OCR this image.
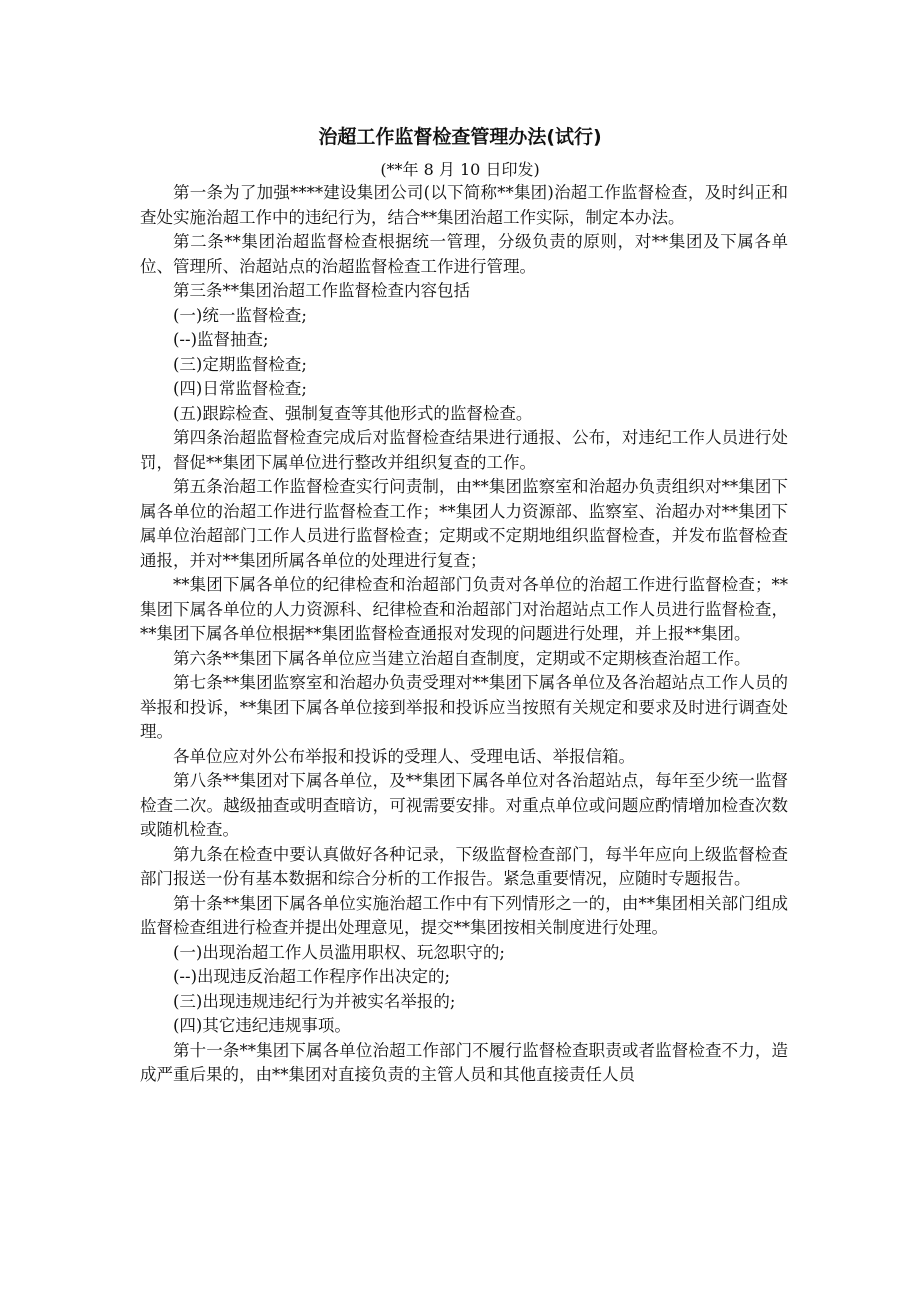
治超工作监督检查管理办法(试行)

(**年 8 月 10 日印发)

第一条为了加强****建设集团公司(以下简称**集团)治超工作监督检查，及时纠正和查处实施治超工作中的违纪行为，结合**集团治超工作实际，制定本办法。

第二条**集团治超监督检查根据统一管理，分级负责的原则，对**集团及下属各单位、管理所、治超站点的治超监督检查工作进行管理。

第三条**集团治超工作监督检查内容包括

(一)统一监督检查;

(--)监督抽查;

(三)定期监督检查;

(四)日常监督检查;

(五)跟踪检查、强制复查等其他形式的监督检查。

第四条治超监督检查完成后对监督检查结果进行通报、公布，对违纪工作人员进行处罚，督促**集团下属单位进行整改并组织复查的工作。

第五条治超工作监督检查实行问责制，由**集团监察室和治超办负责组织对**集团下属各单位的治超工作进行监督检查工作；**集团人力资源部、监察室、治超办对**集团下属单位治超部门工作人员进行监督检查；定期或不定期地组织监督检查，并发布监督检查通报，并对**集团所属各单位的处理进行复查；

**集团下属各单位的纪律检查和治超部门负责对各单位的治超工作进行监督检查；**集团下属各单位的人力资源科、纪律检查和治超部门对治超站点工作人员进行监督检查，**集团下属各单位根据**集团监督检查通报对发现的问题进行处理，并上报**集团。

第六条**集团下属各单位应当建立治超自查制度，定期或不定期核查治超工作。

第七条**集团监察室和治超办负责受理对**集团下属各单位及各治超站点工作人员的举报和投诉，**集团下属各单位接到举报和投诉应当按照有关规定和要求及时进行调查处理。

各单位应对外公布举报和投诉的受理人、受理电话、举报信箱。

第八条**集团对下属各单位，及**集团下属各单位对各治超站点，每年至少统一监督检查二次。越级抽查或明查暗访，可视需要安排。对重点单位或问题应酌情增加检查次数或随机检查。

第九条在检查中要认真做好各种记录，下级监督检查部门，每半年应向上级监督检查部门报送一份有基本数据和综合分析的工作报告。紧急重要情况，应随时专题报告。

第十条**集团下属各单位实施治超工作中有下列情形之一的，由**集团相关部门组成监督检查组进行检查并提出处理意见，提交**集团按相关制度进行处理。

(一)出现治超工作人员滥用职权、玩忽职守的;

(--)出现违反治超工作程序作出决定的;

(三)出现违规违纪行为并被实名举报的;

(四)其它违纪违规事项。

第十一条**集团下属各单位治超工作部门不履行监督检查职责或者监督检查不力，造成严重后果的，由**集团对直接负责的主管人员和其他直接责任人员
